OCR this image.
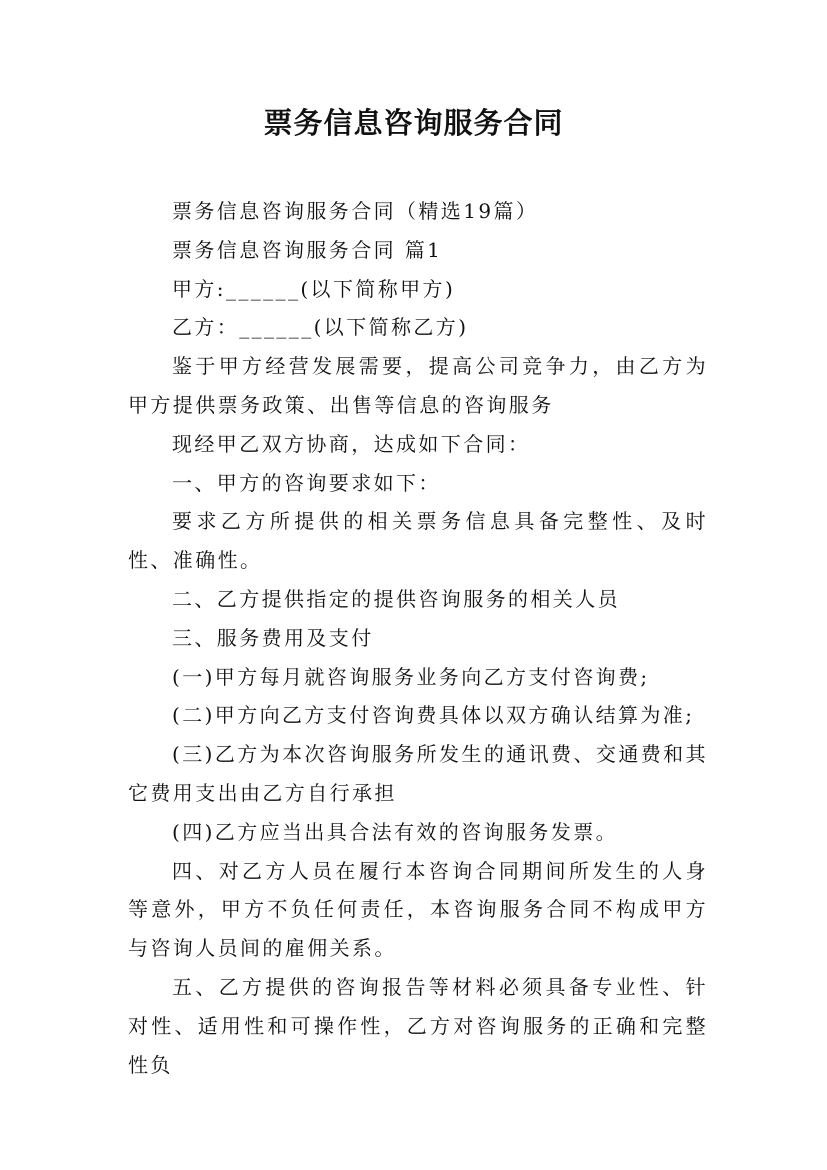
票务信息咨询服务合同

票务信息咨询服务合同（精选19篇）

票务信息咨询服务合同 篇1

甲方:______(以下简称甲方)

乙方：______(以下简称乙方)

鉴于甲方经营发展需要，提高公司竞争力，由乙方为甲方提供票务政策、出售等信息的咨询服务

现经甲乙双方协商，达成如下合同：

一、甲方的咨询要求如下：

要求乙方所提供的相关票务信息具备完整性、及时性、准确性。

二、乙方提供指定的提供咨询服务的相关人员

三、服务费用及支付

(一)甲方每月就咨询服务业务向乙方支付咨询费;

(二)甲方向乙方支付咨询费具体以双方确认结算为准;

(三)乙方为本次咨询服务所发生的通讯费、交通费和其它费用支出由乙方自行承担

(四)乙方应当出具合法有效的咨询服务发票。

四、对乙方人员在履行本咨询合同期间所发生的人身等意外，甲方不负任何责任，本咨询服务合同不构成甲方与咨询人员间的雇佣关系。

五、乙方提供的咨询报告等材料必须具备专业性、针对性、适用性和可操作性，乙方对咨询服务的正确和完整性负
